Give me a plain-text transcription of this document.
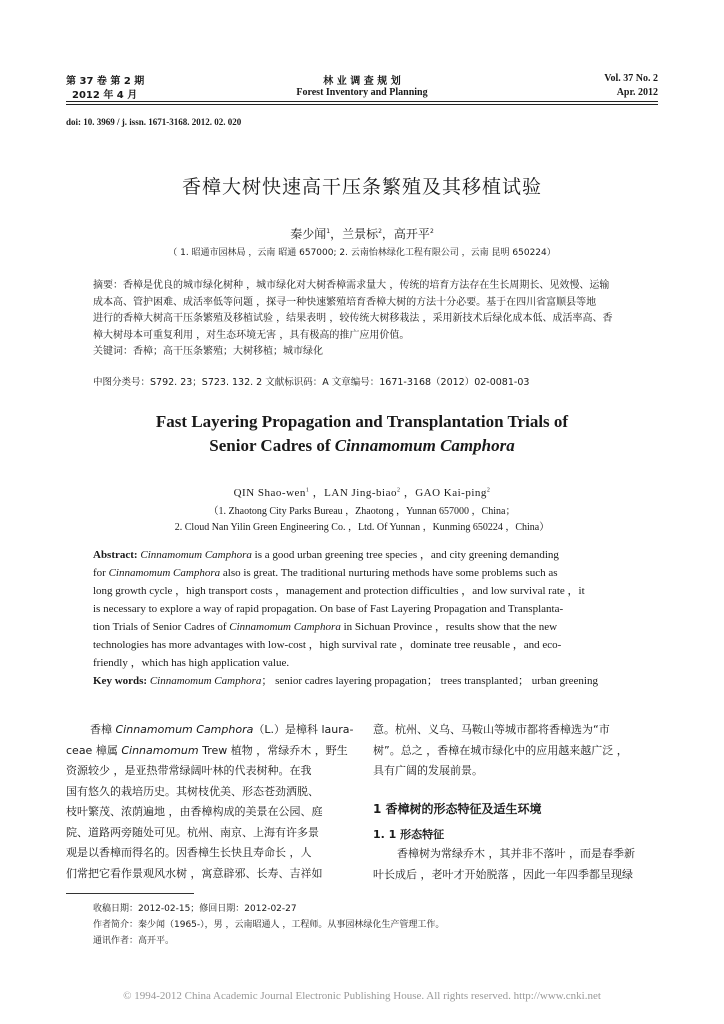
第 37 卷 第 2 期
2012 年 4 月
林 业 调 查 规 划
Forest Inventory and Planning
Vol. 37 No. 2
Apr. 2012
doi: 10. 3969 / j. issn. 1671-3168. 2012. 02. 020
香樟大树快速高干压条繁殖及其移植试验
秦少闻$^1$，兰景标$^2$，高开平$^2$
（ 1. 昭通市园林局 ，云南 昭通 657000; 2. 云南怡林绿化工程有限公司 ，云南 昆明 650224）
摘要：香樟是优良的城市绿化树种 ，城市绿化对大树香樟需求量大 ，传统的培育方法存在生长周期长、见效慢、运输
成本高、管护困难、成活率低等问题 ，探寻一种快速繁殖培育香樟大树的方法十分必要。基于在四川省富顺县等地
进行的香樟大树高干压条繁殖及移植试验 ，结果表明 ，较传统大树移栽法 ，采用新技术后绿化成本低、成活率高、香
樟大树母本可重复利用 ，对生态环境无害 ，具有极高的推广应用价值。
关键词：香樟；高干压条繁殖；大树移植；城市绿化
中图分类号：S792. 23；S723. 132. 2 文献标识码：A 文章编号：1671-3168（2012）02-0081-03
Fast Layering Propagation and Transplantation Trials of
Senior Cadres of Cinnamomum Camphora
QIN Shao-wen$^1$ ，LAN Jing-biao$^2$ ，GAO Kai-ping$^2$
（1. Zhaotong City Parks Bureau ，Zhaotong ，Yunnan 657000 ，China；
2. Cloud Nan Yilin Green Engineering Co. ，Ltd. Of Yunnan ，Kunming 650224 ，China）
Abstract: Cinnamomum Camphora is a good urban greening tree species ，and city greening demanding
for Cinnamomum Camphora also is great. The traditional nurturing methods have some problems such as
long growth cycle ，high transport costs ，management and protection difficulties ，and low survival rate ，it
is necessary to explore a way of rapid propagation. On base of Fast Layering Propagation and Transplanta-
tion Trials of Senior Cadres of Cinnamomum Camphora in Sichuan Province ，results show that the new
technologies has more advantages with low-cost ，high survival rate ，dominate tree reusable ，and eco-
friendly ，which has high application value.
Key words: Cinnamomum Camphora； senior cadres layering propagation； trees transplanted； urban greening
香樟 Cinnamomum Camphora（L.）是樟科 laura-
ceae 樟属 Cinnamomum Trew 植物 ，常绿乔木 ，野生
资源较少 ，是亚热带常绿阔叶林的代表树种。在我
国有悠久的栽培历史。其树枝优美、形态苍劲洒脱、
枝叶繁茂、浓荫遍地 ，由香樟构成的美景在公园、庭
院、道路两旁随处可见。杭州、南京、上海有许多景
观是以香樟而得名的。因香樟生长快且寿命长 ，人
们常把它看作景观风水树 ，寓意辟邪、长寿、吉祥如
意。杭州、义乌、马鞍山等城市都将香樟选为“市
树”。总之 ，香樟在城市绿化中的应用越来越广泛 ，
具有广阔的发展前景。
1 香樟树的形态特征及适生环境
1. 1 形态特征
香樟树为常绿乔木 ，其并非不落叶 ，而是春季新
叶长成后 ，老叶才开始脱落 ，因此一年四季都呈现绿
收稿日期：2012-02-15；修回日期：2012-02-27
作者简介：秦少闻（1965-），男 ，云南昭通人 ，工程师。从事园林绿化生产管理工作。
通讯作者：高开平。
© 1994-2012 China Academic Journal Electronic Publishing House. All rights reserved. http://www.cnki.net
